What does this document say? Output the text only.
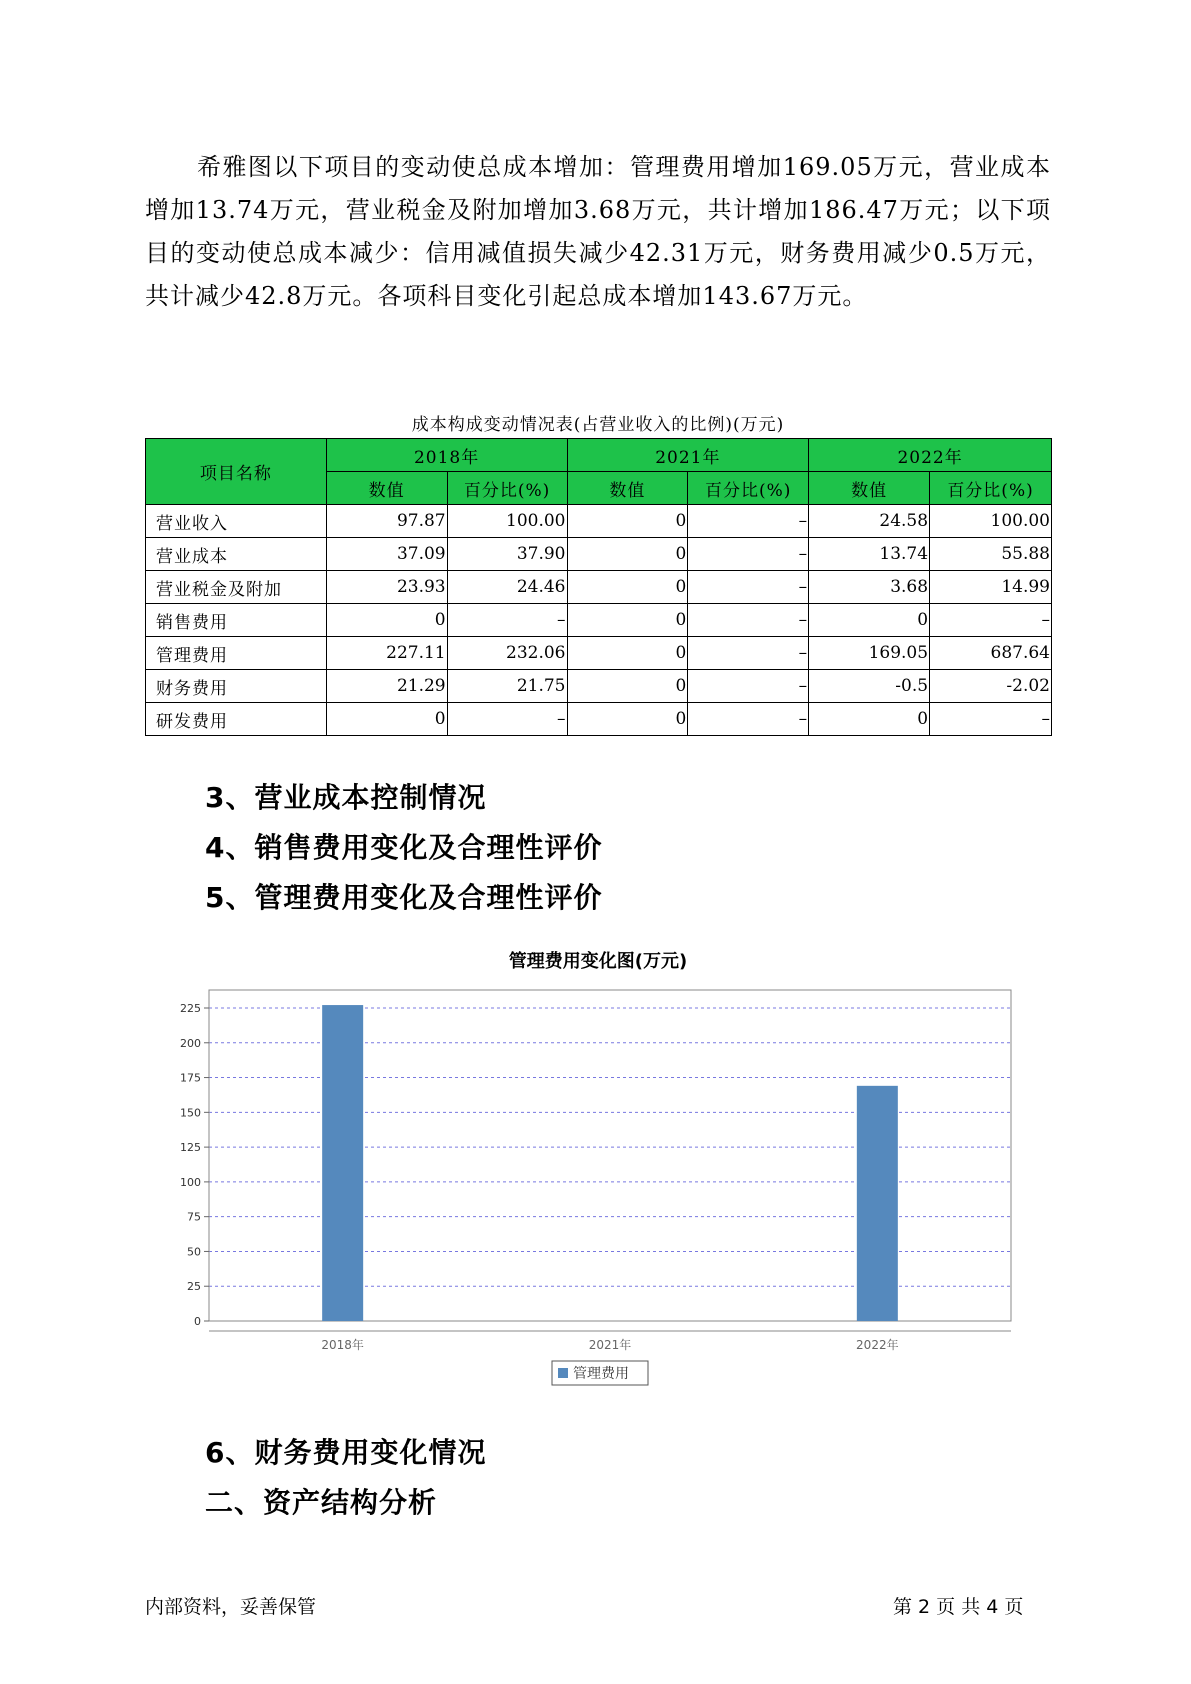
希雅图以下项目的变动使总成本增加：管理费用增加169.05万元，营业成本增加13.74万元，营业税金及附加增加3.68万元，共计增加186.47万元；以下项目的变动使总成本减少：信用减值损失减少42.31万元，财务费用减少0.5万元，共计减少42.8万元。各项科目变化引起总成本增加143.67万元。
成本构成变动情况表(占营业收入的比例)(万元)
项目名称	2018年		2021年		2022年	
	数值	百分比(%)	数值	百分比(%)	数值	百分比(%)
营业收入	97.87	100.00	0	–	24.58	100.00
营业成本	37.09	37.90	0	–	13.74	55.88
营业税金及附加	23.93	24.46	0	–	3.68	14.99
销售费用	0	–	0	–	0	–
管理费用	227.11	232.06	0	–	169.05	687.64
财务费用	21.29	21.75	0	–	-0.5	-2.02
研发费用	0	–	0	–	0	–
3、营业成本控制情况
4、销售费用变化及合理性评价
5、管理费用变化及合理性评价
管理费用变化图(万元)
0
25
50
75
100
125
150
175
200
225
2018年	2021年	2022年
管理费用
6、财务费用变化情况
二、资产结构分析
内部资料，妥善保管	第 2 页 共 4 页
